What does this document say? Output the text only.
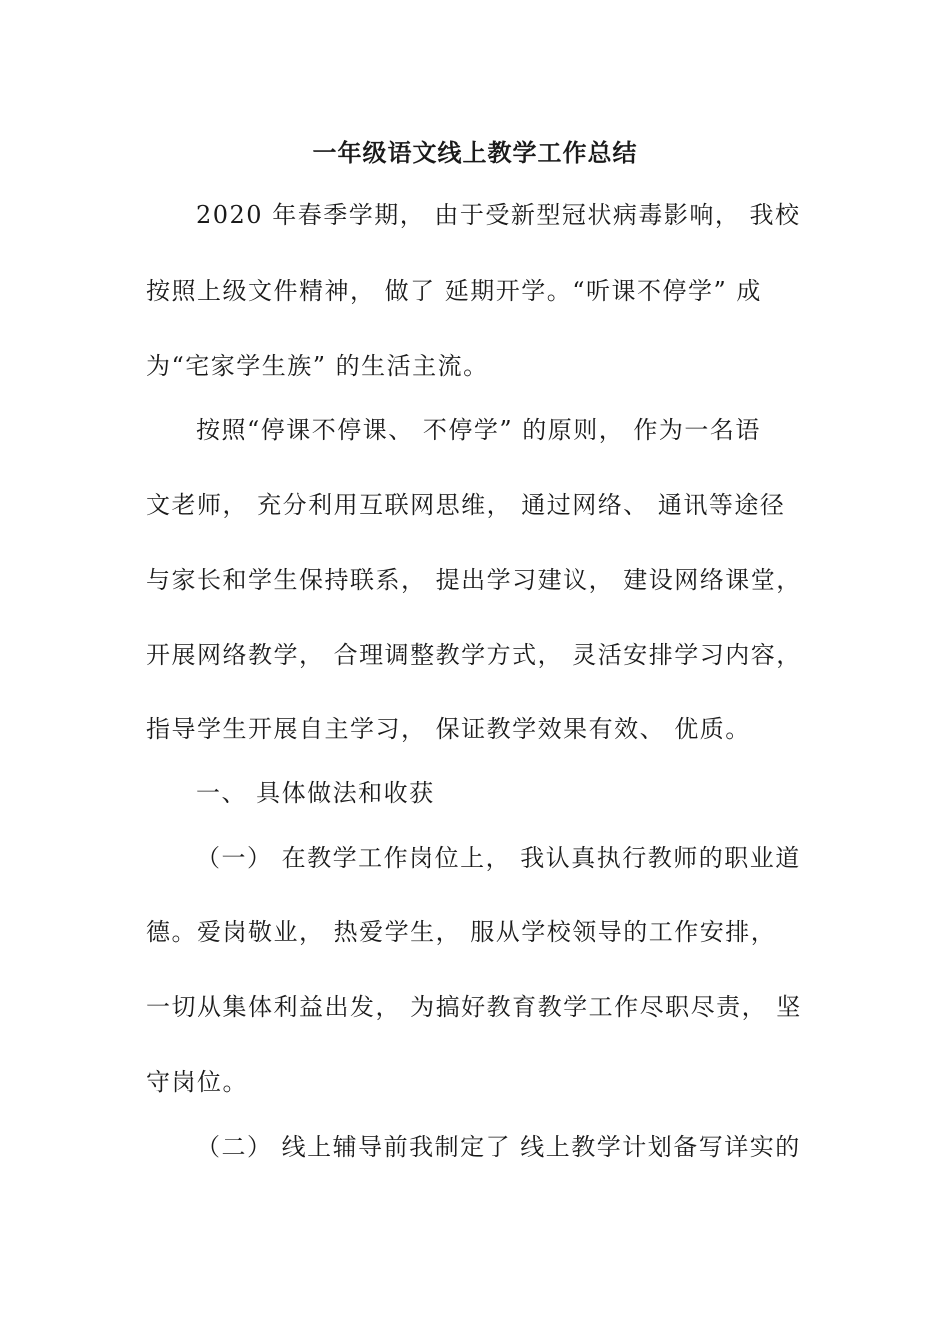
一年级语文线上教学工作总结

2020 年春季学期， 由于受新型冠状病毒影响， 我校

按照上级文件精神， 做了 延期开学。“听课不停学” 成

为“宅家学生族” 的生活主流。

按照“停课不停课、 不停学” 的原则， 作为一名语

文老师， 充分利用互联网思维， 通过网络、 通讯等途径

与家长和学生保持联系， 提出学习建议， 建设网络课堂，

开展网络教学， 合理调整教学方式， 灵活安排学习内容，

指导学生开展自主学习， 保证教学效果有效、 优质。

一、 具体做法和收获

（一） 在教学工作岗位上， 我认真执行教师的职业道

德。爱岗敬业， 热爱学生， 服从学校领导的工作安排，

一切从集体利益出发， 为搞好教育教学工作尽职尽责， 坚

守岗位。

（二） 线上辅导前我制定了 线上教学计划备写详实的
